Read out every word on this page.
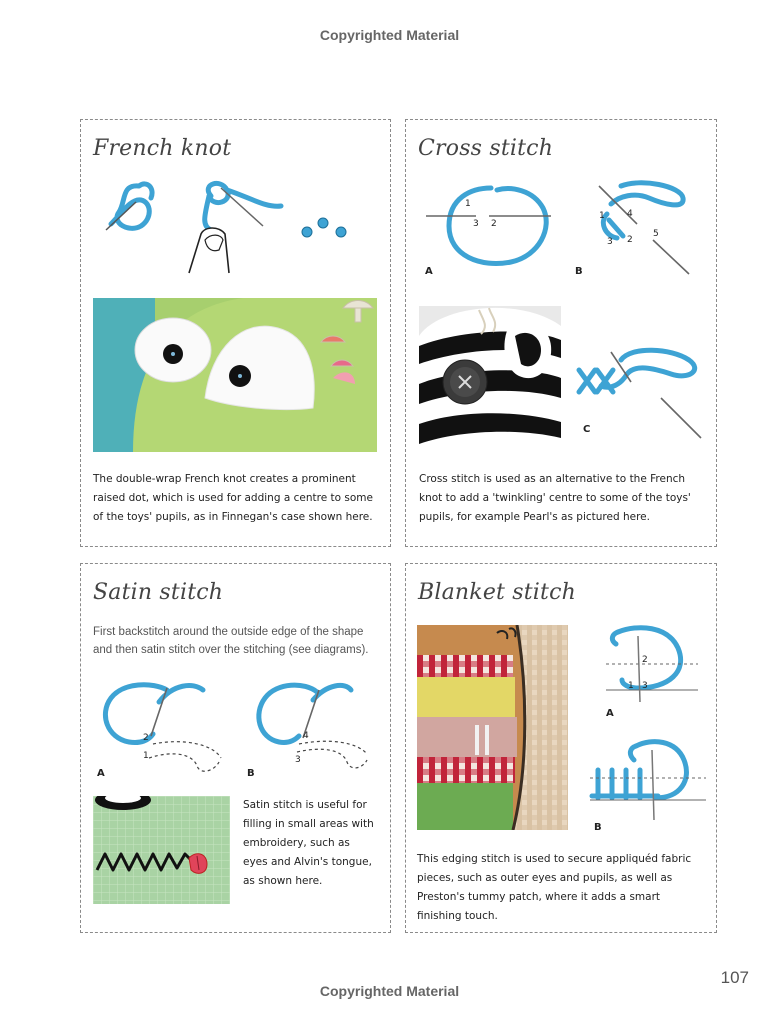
Copyrighted Material
French knot
The double-wrap French knot creates a prominent raised dot, which is used for adding a centre to some of the toys' pupils, as in Finnegan's case shown here.
Cross stitch
1
3 2
A
1 4
3 2
5
B
C
Cross stitch is used as an alternative to the French knot to add a 'twinkling' centre to some of the toys' pupils, for example Pearl's as pictured here.
Satin stitch
First backstitch around the outside edge of the shape and then satin stitch over the stitching (see diagrams).
2
1
A
4
3
B
Satin stitch is useful for filling in small areas with embroidery, such as eyes and Alvin's tongue, as shown here.
Blanket stitch
2
1 3
A
B
This edging stitch is used to secure appliquéd fabric pieces, such as outer eyes and pupils, as well as Preston's tummy patch, where it adds a smart finishing touch.
107
Copyrighted Material
